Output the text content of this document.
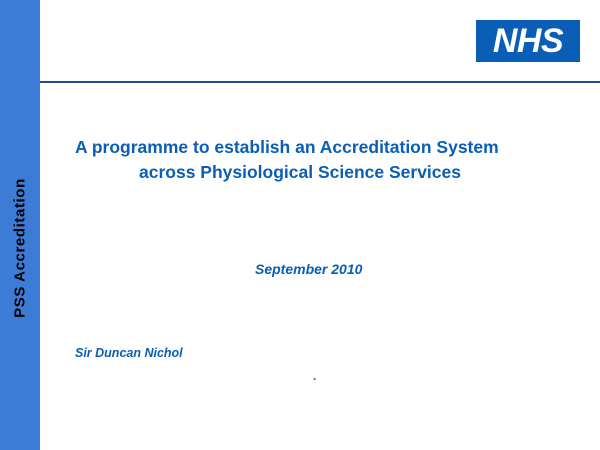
PSS Accreditation
NHS
A programme to establish an Accreditation System
across Physiological Science Services
September 2010
Sir Duncan Nichol
.
